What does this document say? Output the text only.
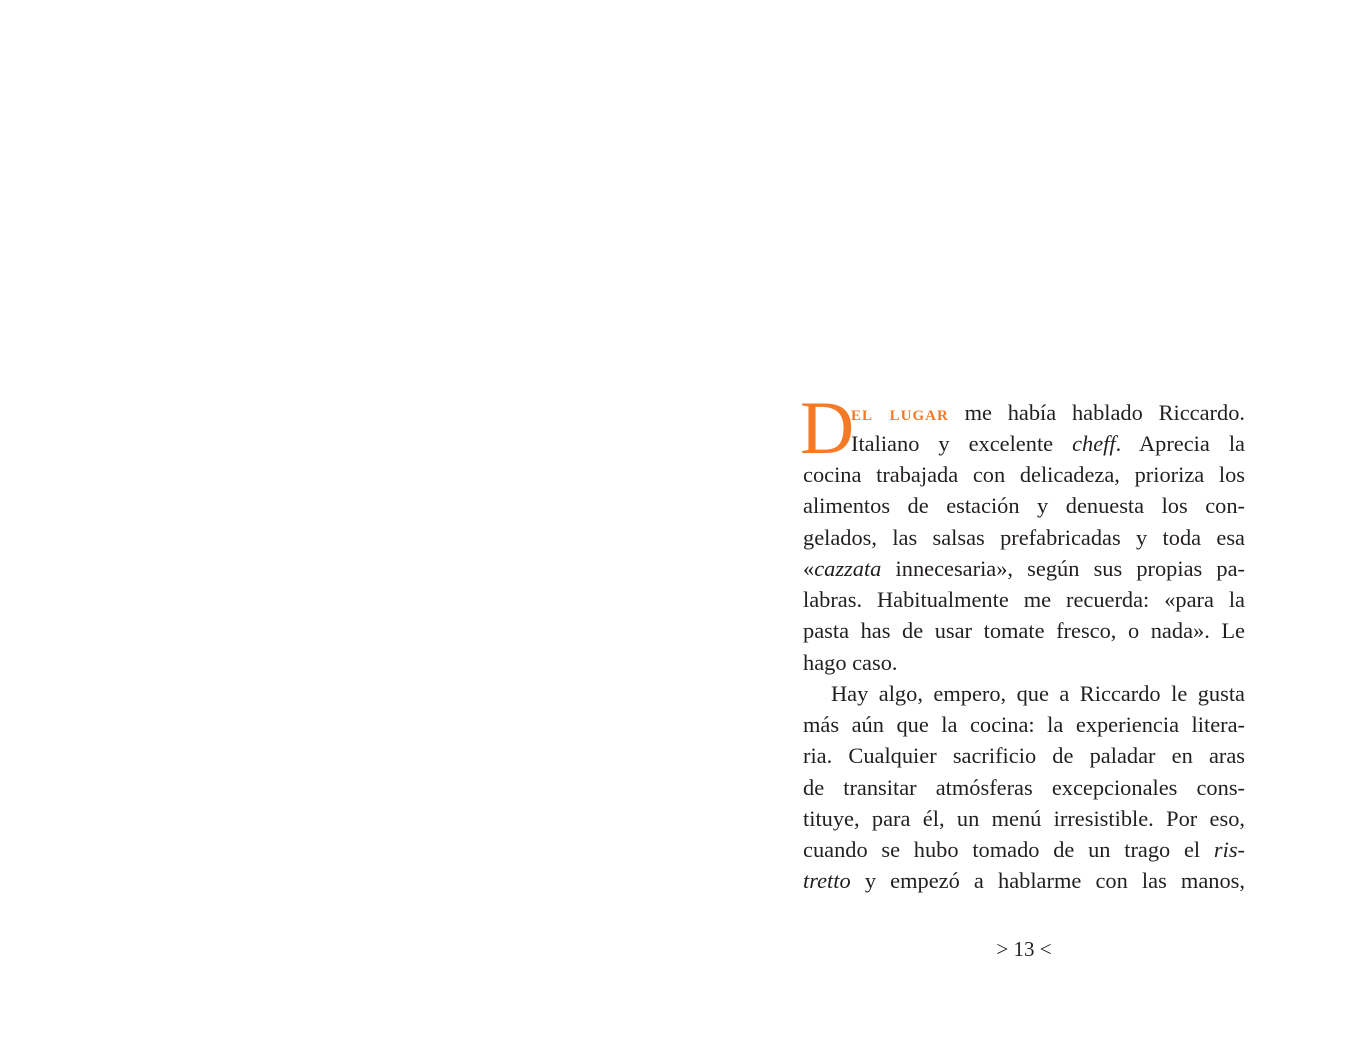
D
el lugar me había hablado Riccardo.
Italiano y excelente cheff. Aprecia la
cocina trabajada con delicadeza, prioriza los
alimentos de estación y denuesta los con-
gelados, las salsas prefabricadas y toda esa
«cazzata innecesaria», según sus propias pa-
labras. Habitualmente me recuerda: «para la
pasta has de usar tomate fresco, o nada». Le
hago caso.
Hay algo, empero, que a Riccardo le gusta
más aún que la cocina: la experiencia litera-
ria. Cualquier sacrificio de paladar en aras
de transitar atmósferas excepcionales cons-
tituye, para él, un menú irresistible. Por eso,
cuando se hubo tomado de un trago el ris-
tretto y empezó a hablarme con las manos,
> 13 <
